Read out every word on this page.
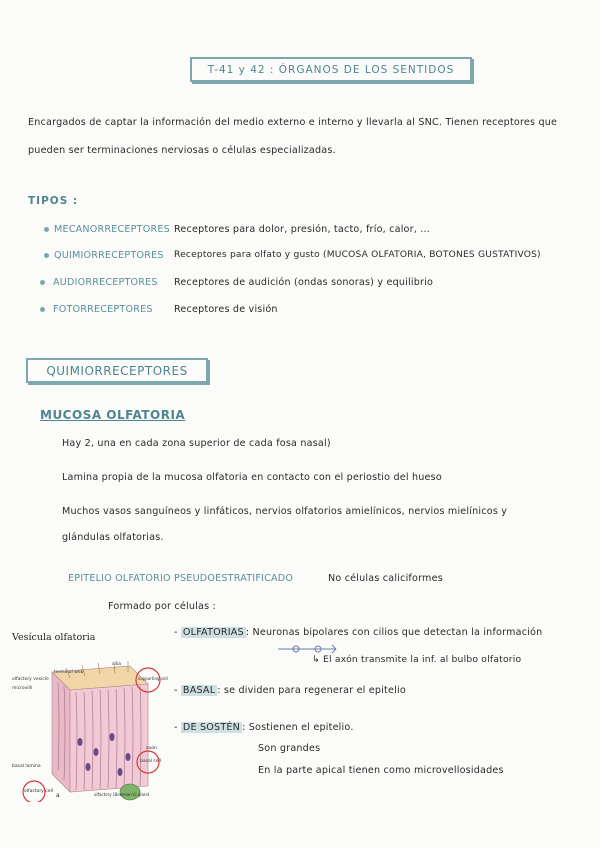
T-41 y 42 : ÓRGANOS DE LOS SENTIDOS
Encargados de captar la información del medio externo e interno y llevarla al SNC. Tienen receptores que
pueden ser terminaciones nerviosas o células especializadas.
TIPOS :
MECANORRECEPTORES Receptores para dolor, presión, tacto, frío, calor, ...
QUIMIORRECEPTORES Receptores para olfato y gusto (MUCOSA OLFATORIA, BOTONES GUSTATIVOS)
AUDIORRECEPTORES Receptores de audición (ondas sonoras) y equilibrio
FOTORRECEPTORES Receptores de visión
QUIMIORRECEPTORES
MUCOSA OLFATORIA
Hay 2, una en cada zona superior de cada fosa nasal)
Lamina propia de la mucosa olfatoria en contacto con el periostio del hueso
Muchos vasos sanguíneos y linfáticos, nervios olfatorios amielínicos, nervios mielínicos y
glándulas olfatorias.
EPITELIO OLFATORIO PSEUDOESTRATIFICADO	No células caliciformes
Formado por células :
- OLFATORIAS : Neuronas bipolares con cilios que detectan la información
↳ El axón transmite la inf. al bulbo olfatorio
- BASAL : se dividen para regenerar el epitelio
- DE SOSTÉN : Sostienen el epitelio.
Son grandes
En la parte apical tienen como microvellosidades
Vesícula olfatoria
terminal web
cilia
olfactory vesicle
microvilli
supporting cell
axon
basal lamina
basal cell
olfactory cell
olfactory (Bowman's) gland
a
